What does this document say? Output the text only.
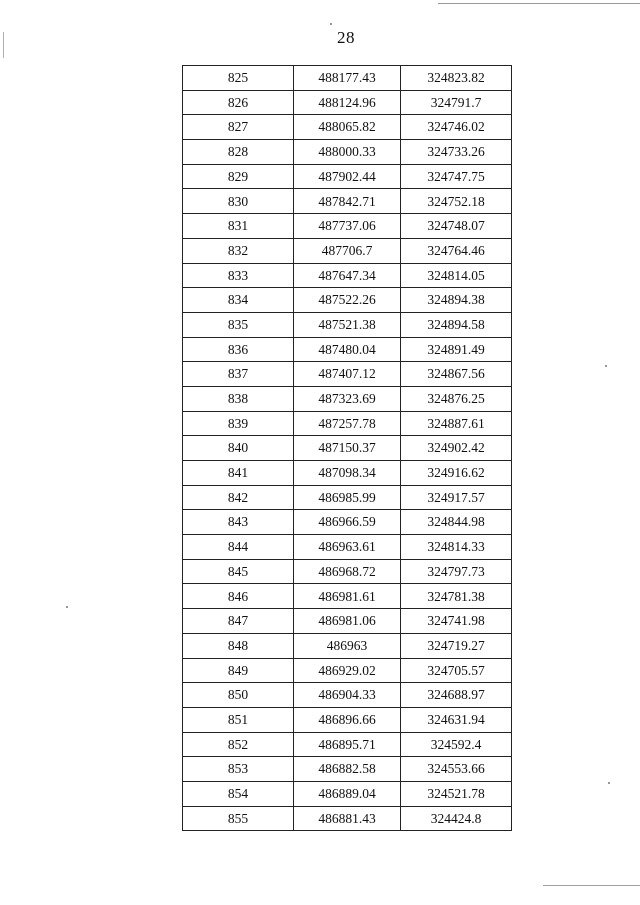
28
825	488177.43	324823.82
826	488124.96	324791.7
827	488065.82	324746.02
828	488000.33	324733.26
829	487902.44	324747.75
830	487842.71	324752.18
831	487737.06	324748.07
832	487706.7	324764.46
833	487647.34	324814.05
834	487522.26	324894.38
835	487521.38	324894.58
836	487480.04	324891.49
837	487407.12	324867.56
838	487323.69	324876.25
839	487257.78	324887.61
840	487150.37	324902.42
841	487098.34	324916.62
842	486985.99	324917.57
843	486966.59	324844.98
844	486963.61	324814.33
845	486968.72	324797.73
846	486981.61	324781.38
847	486981.06	324741.98
848	486963	324719.27
849	486929.02	324705.57
850	486904.33	324688.97
851	486896.66	324631.94
852	486895.71	324592.4
853	486882.58	324553.66
854	486889.04	324521.78
855	486881.43	324424.8
